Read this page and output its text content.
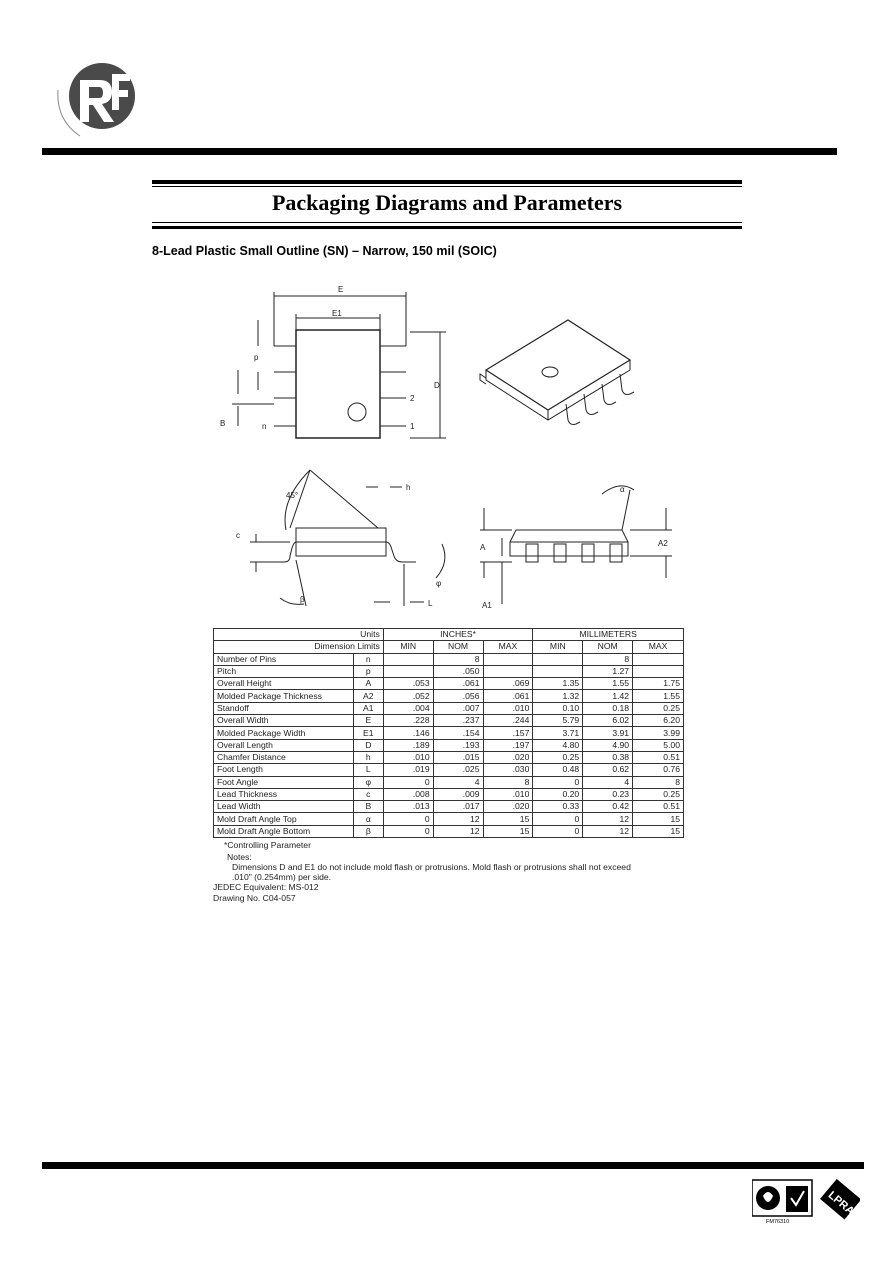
Packaging Diagrams and Parameters
8-Lead Plastic Small Outline (SN) – Narrow, 150 mil (SOIC)
E
E1
D
p
B	n
2
1
45°
h
c
φ
β	L
A	A2
A1
α
Units		INCHES*			MILLIMETERS		
Dimension Limits		MIN	NOM	MAX	MIN	NOM	MAX
Number of Pins	n		8			8	
Pitch	p		.050			1.27	
Overall Height	A	.053	.061	.069	1.35	1.55	1.75
Molded Package Thickness	A2	.052	.056	.061	1.32	1.42	1.55
Standoff	A1	.004	.007	.010	0.10	0.18	0.25
Overall Width	E	.228	.237	.244	5.79	6.02	6.20
Molded Package Width	E1	.146	.154	.157	3.71	3.91	3.99
Overall Length	D	.189	.193	.197	4.80	4.90	5.00
Chamfer Distance	h	.010	.015	.020	0.25	0.38	0.51
Foot Length	L	.019	.025	.030	0.48	0.62	0.76
Foot Angle	φ	0	4	8	0	4	8
Lead Thickness	c	.008	.009	.010	0.20	0.23	0.25
Lead Width	B	.013	.017	.020	0.33	0.42	0.51
Mold Draft Angle Top	α	0	12	15	0	12	15
Mold Draft Angle Bottom	β	0	12	15	0	12	15
*Controlling Parameter
Notes:
Dimensions D and E1 do not include mold flash or protrusions. Mold flash or protrusions shall not exceed
.010" (0.254mm) per side.
JEDEC Equivalent: MS-012
Drawing No. C04-057
FM76310
LPRA
